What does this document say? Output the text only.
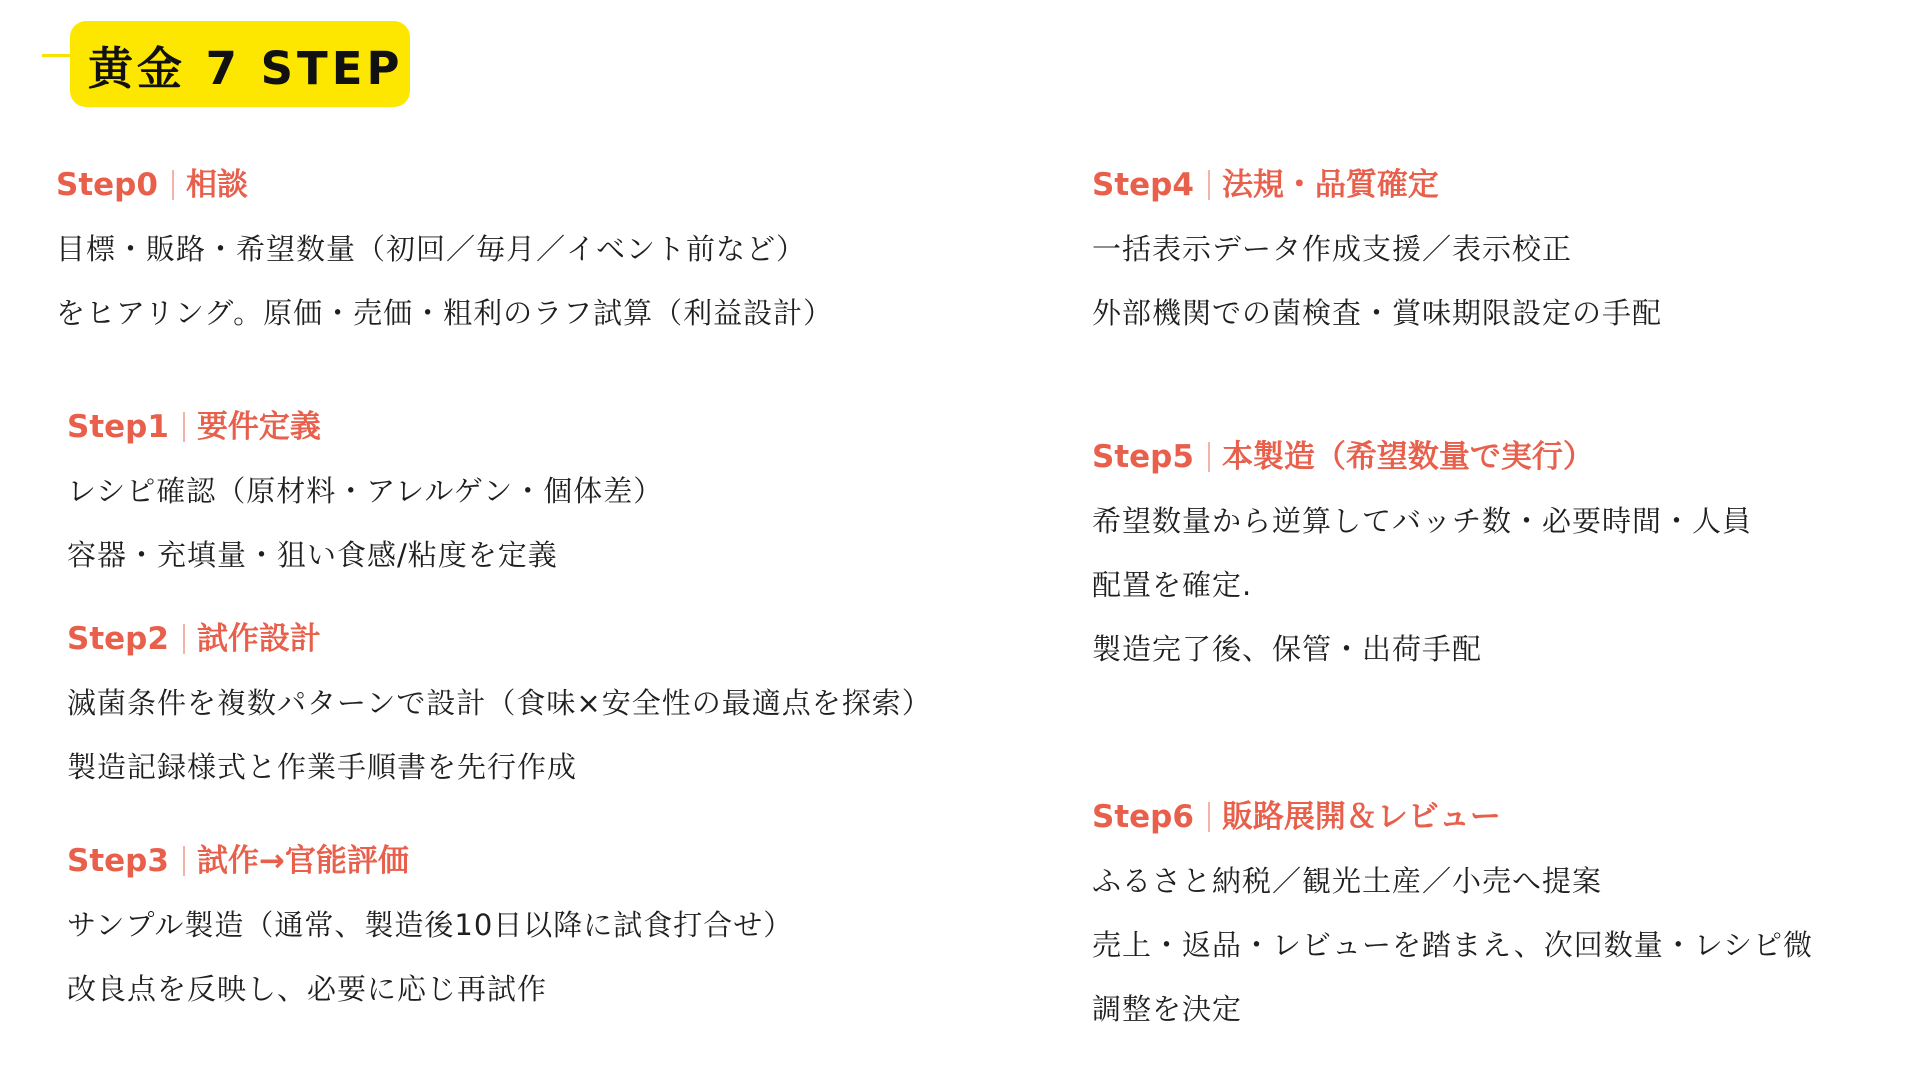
黄金 7 STEP
Step0 相談
目標・販路・希望数量（初回／毎月／イベント前など）
をヒアリング。原価・売価・粗利のラフ試算（利益設計）
Step1 要件定義
レシピ確認（原材料・アレルゲン・個体差）
容器・充填量・狙い食感/粘度を定義
Step2 試作設計
滅菌条件を複数パターンで設計（食味×安全性の最適点を探索）
製造記録様式と作業手順書を先行作成
Step3 試作→官能評価
サンプル製造（通常、製造後10日以降に試食打合せ）
改良点を反映し、必要に応じ再試作
Step4 法規・品質確定
一括表示データ作成支援／表示校正
外部機関での菌検査・賞味期限設定の手配
Step5 本製造（希望数量で実行）
希望数量から逆算してバッチ数・必要時間・人員
配置を確定.
製造完了後、保管・出荷手配
Step6 販路展開＆レビュー
ふるさと納税／観光土産／小売へ提案
売上・返品・レビューを踏まえ、次回数量・レシピ微
調整を決定
